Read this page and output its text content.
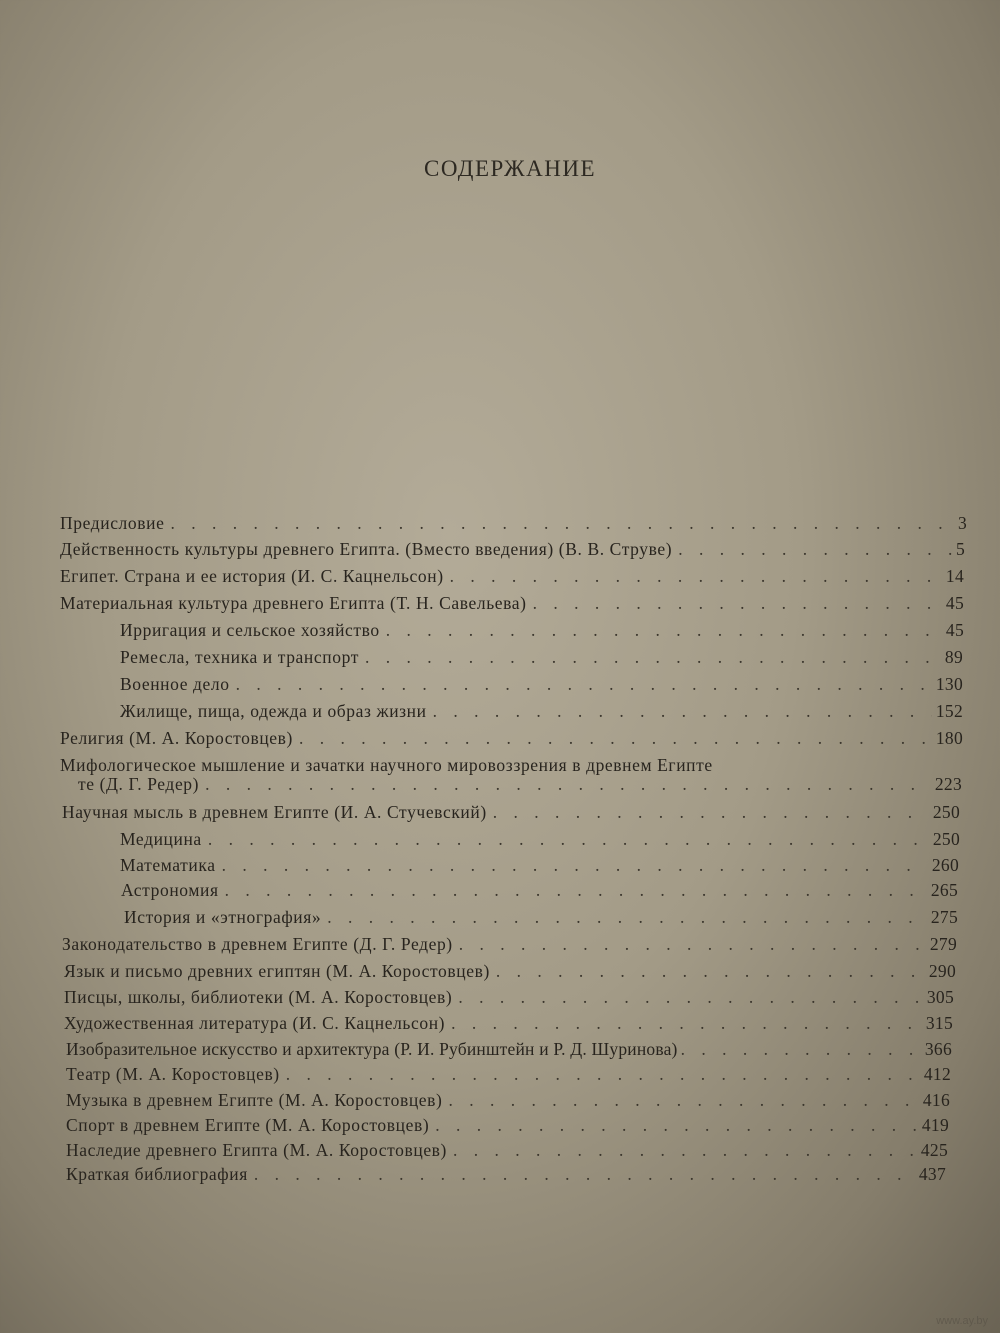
СОДЕРЖАНИЕ
Предисловие . . .	3
Действенность культуры древнего Египта. (Вместо введения) (В. В. Струве) . . .	5
Египет. Страна и ее история (И. С. Кацнельсон) . . .	14
Материальная культура древнего Египта (Т. Н. Савельева) . . .	45
Ирригация и сельское хозяйство . . .	45
Ремесла, техника и транспорт . . .	89
Военное дело . . .	130
Жилище, пища, одежда и образ жизни . . .	152
Религия (М. А. Коростовцев) . . .	180
Мифологическое мышление и зачатки научного мировоззрения в древнем Египте
те (Д. Г. Редер) . . .	223
Научная мысль в древнем Египте (И. А. Стучевский) . . .	250
Медицина . . .	250
Математика . . .	260
Астрономия . . .	265
История и «этнография» . . .	275
Законодательство в древнем Египте (Д. Г. Редер) . . .	279
Язык и письмо древних египтян (М. А. Коростовцев) . . .	290
Писцы, школы, библиотеки (М. А. Коростовцев) . . .	305
Художественная литература (И. С. Кацнельсон) . . .	315
Изобразительное искусство и архитектура (Р. И. Рубинштейн и Р. Д. Шуринова) . . .	366
Театр (М. А. Коростовцев) . . .	412
Музыка в древнем Египте (М. А. Коростовцев) . . .	416
Спорт в древнем Египте (М. А. Коростовцев) . . .	419
Наследие древнего Египта (М. А. Коростовцев) . . .	425
Краткая библиография . . .	437
www.ay.by
